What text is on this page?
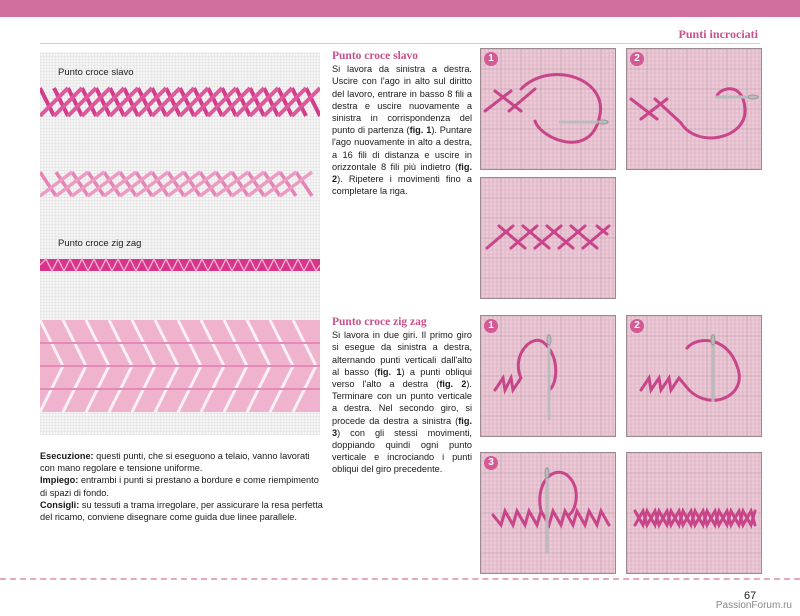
Punti incrociati
Punto croce slavo
Punto croce zig zag
Esecuzione: questi punti, che si eseguono a telaio, vanno lavorati con mano regolare e tensione uniforme.
Impiego: entrambi i punti si prestano a bordure e come riempimento di spazi di fondo.
Consigli: su tessuti a trama irregolare, per assicurare la resa perfetta del ricamo, conviene disegnare come guida due linee parallele.
Punto croce slavo

Si lavora da sinistra a destra. Uscire con l'ago in alto sul diritto del lavoro, entrare in basso 8 fili a destra e uscire nuovamente a sinistra in corrispondenza del punto di partenza (fig. 1). Puntare l'ago nuovamente in alto a destra, a 16 fili di distanza e uscire in orizzontale 8 fili più indietro (fig. 2). Ripetere i movimenti fino a completare la riga.

Punto croce zig zag

Si lavora in due giri. Il primo giro si esegue da sinistra a destra, alternando punti verticali dall'alto al basso (fig. 1) a punti obliqui verso l'alto a destra (fig. 2). Terminare con un punto verticale a destra. Nel secondo giro, si procede da destra a sinistra (fig. 3) con gli stessi movimenti, doppiando quindi ogni punto verticale e incrociando i punti obliqui del giro precedente.

1	2
1	2
3
67
PassionForum.ru
